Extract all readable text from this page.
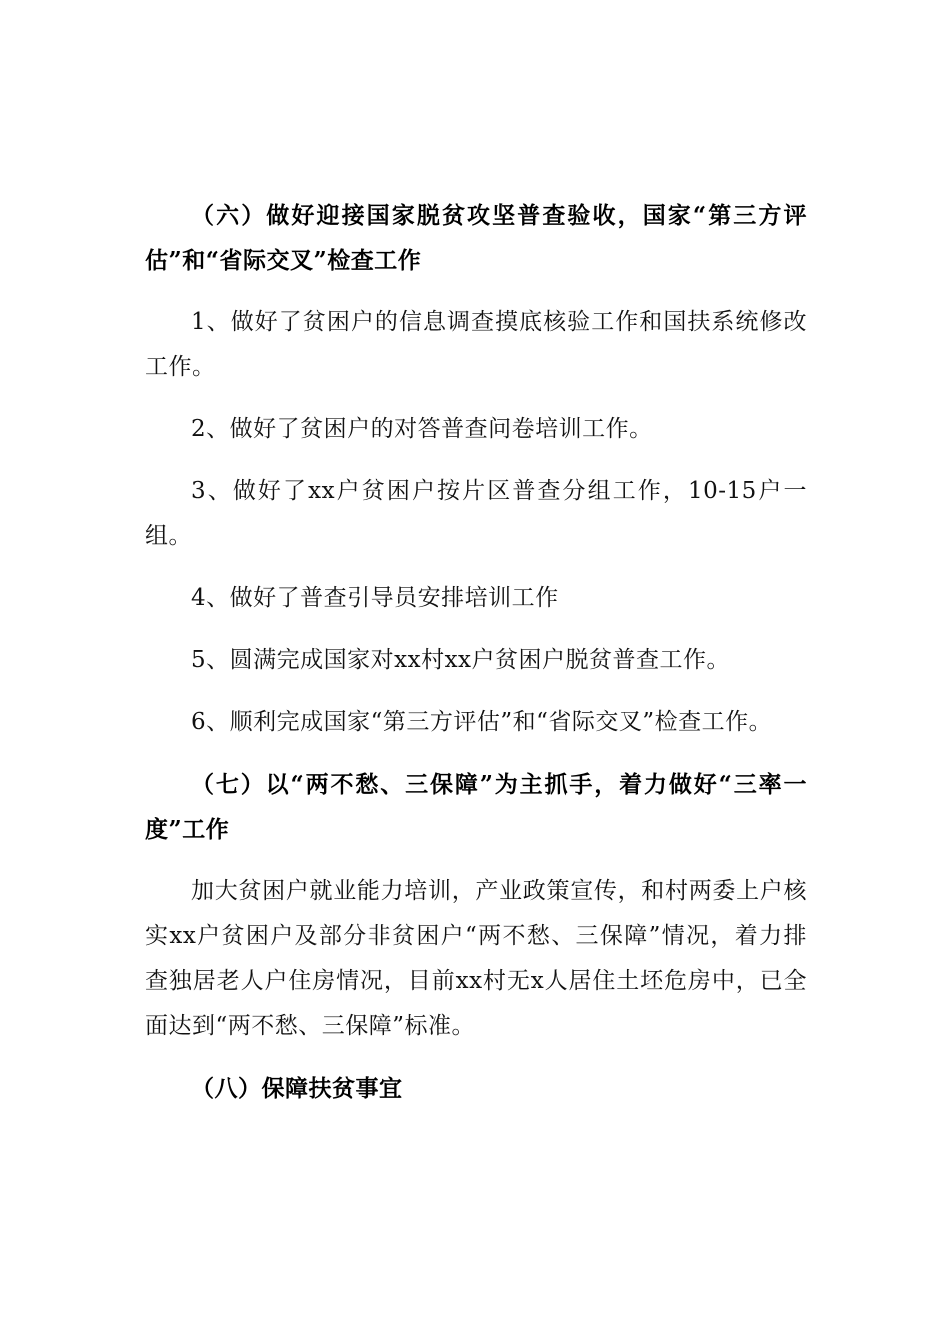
（六）做好迎接国家脱贫攻坚普查验收，国家“第三方评估”和“省际交叉”检查工作

1、做好了贫困户的信息调查摸底核验工作和国扶系统修改工作。

2、做好了贫困户的对答普查问卷培训工作。

3、做好了xx户贫困户按片区普查分组工作，10-15户一组。

4、做好了普查引导员安排培训工作

5、圆满完成国家对xx村xx户贫困户脱贫普查工作。

6、顺利完成国家“第三方评估”和“省际交叉”检查工作。

（七）以“两不愁、三保障”为主抓手，着力做好“三率一度”工作

加大贫困户就业能力培训，产业政策宣传，和村两委上户核实xx户贫困户及部分非贫困户“两不愁、三保障”情况，着力排查独居老人户住房情况，目前xx村无x人居住土坯危房中，已全面达到“两不愁、三保障”标准。

（八）保障扶贫事宜
